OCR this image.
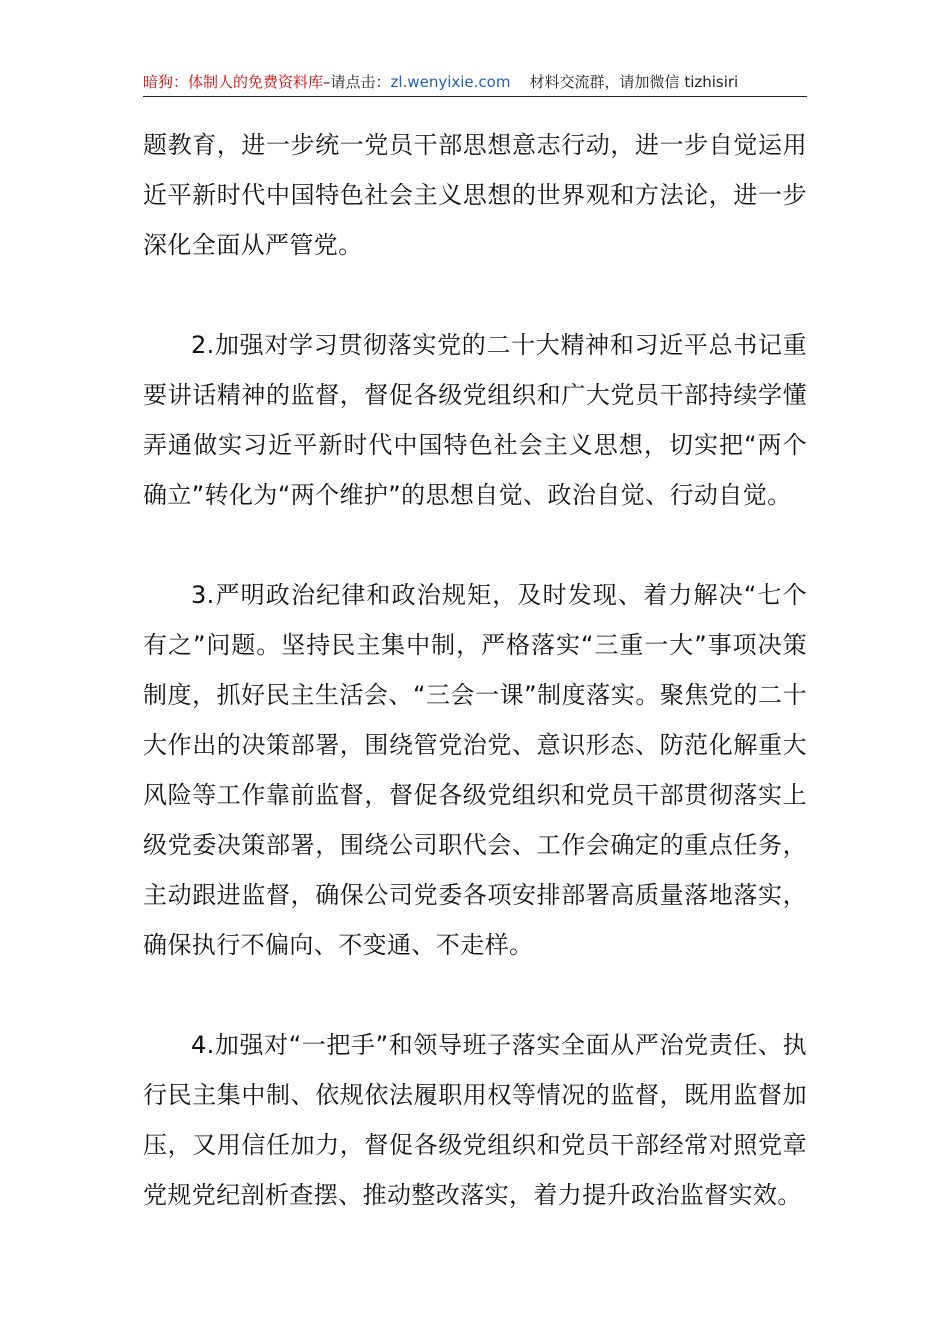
暗狗：体制人的免费资料库–请点击：zl.wenyixie.com 材料交流群，请加微信 tizhisiri

题教育，进一步统一党员干部思想意志行动，进一步自觉运用近平新时代中国特色社会主义思想的世界观和方法论，进一步深化全面从严管党。

2.加强对学习贯彻落实党的二十大精神和习近平总书记重要讲话精神的监督，督促各级党组织和广大党员干部持续学懂弄通做实习近平新时代中国特色社会主义思想，切实把“两个确立”转化为“两个维护”的思想自觉、政治自觉、行动自觉。

3.严明政治纪律和政治规矩，及时发现、着力解决“七个有之”问题。坚持民主集中制，严格落实“三重一大”事项决策制度，抓好民主生活会、“三会一课”制度落实。聚焦党的二十大作出的决策部署，围绕管党治党、意识形态、防范化解重大风险等工作靠前监督，督促各级党组织和党员干部贯彻落实上级党委决策部署，围绕公司职代会、工作会确定的重点任务，主动跟进监督，确保公司党委各项安排部署高质量落地落实，确保执行不偏向、不变通、不走样。

4.加强对“一把手”和领导班子落实全面从严治党责任、执行民主集中制、依规依法履职用权等情况的监督，既用监督加压，又用信任加力，督促各级党组织和党员干部经常对照党章党规党纪剖析查摆、推动整改落实，着力提升政治监督实效。
